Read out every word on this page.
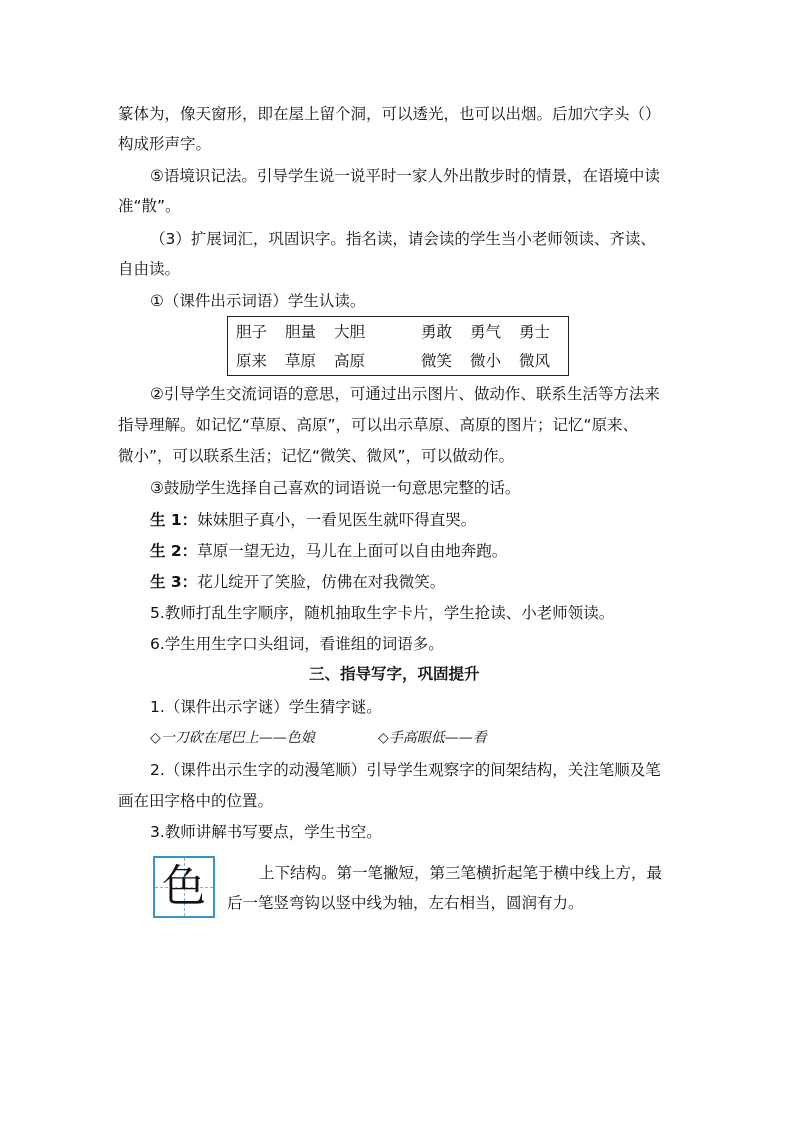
篆体为，像天窗形，即在屋上留个洞，可以透光，也可以出烟。后加穴字头（）
构成形声字。
⑤语境识记法。引导学生说一说平时一家人外出散步时的情景，在语境中读
准“散”。
（3）扩展词汇，巩固识字。指名读，请会读的学生当小老师领读、齐读、
自由读。
①（课件出示词语）学生认读。
胆子 胆量 大胆	勇敢 勇气 勇士
原来 草原 高原	微笑 微小 微风
②引导学生交流词语的意思，可通过出示图片、做动作、联系生活等方法来
指导理解。如记忆“草原、高原”，可以出示草原、高原的图片；记忆“原来、
微小”，可以联系生活；记忆“微笑、微风”，可以做动作。
③鼓励学生选择自己喜欢的词语说一句意思完整的话。
生 1：妹妹胆子真小，一看见医生就吓得直哭。
生 2：草原一望无边，马儿在上面可以自由地奔跑。
生 3：花儿绽开了笑脸，仿佛在对我微笑。
5.教师打乱生字顺序，随机抽取生字卡片，学生抢读、小老师领读。
6.学生用生字口头组词，看谁组的词语多。
三、指导写字，巩固提升
1.（课件出示字谜）学生猜字谜。
◇一刀砍在尾巴上——色娘	◇手高眼低——看
2.（课件出示生字的动漫笔顺）引导学生观察字的间架结构，关注笔顺及笔
画在田字格中的位置。
3.教师讲解书写要点，学生书空。
色	上下结构。第一笔撇短，第三笔横折起笔于横中线上方，最
后一笔竖弯钩以竖中线为轴，左右相当，圆润有力。
